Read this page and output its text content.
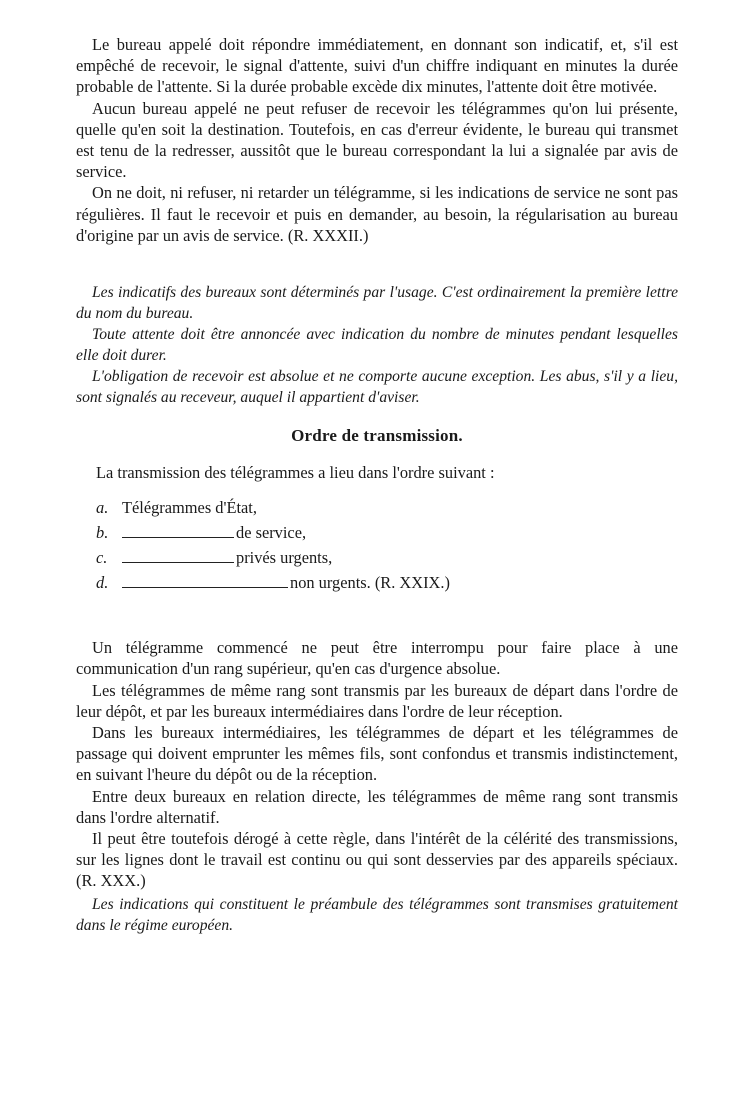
Le bureau appelé doit répondre immédiatement, en donnant son indicatif, et, s'il est empêché de recevoir, le signal d'attente, suivi d'un chiffre indiquant en minutes la durée probable de l'attente. Si la durée probable excède dix minutes, l'attente doit être motivée.

Aucun bureau appelé ne peut refuser de recevoir les télégrammes qu'on lui présente, quelle qu'en soit la destination. Toutefois, en cas d'erreur évidente, le bureau qui transmet est tenu de la redresser, aussitôt que le bureau correspondant la lui a signalée par avis de service.

On ne doit, ni refuser, ni retarder un télégramme, si les indications de service ne sont pas régulières. Il faut le recevoir et puis en demander, au besoin, la régularisation au bureau d'origine par un avis de service. (R. XXXII.)

Les indicatifs des bureaux sont déterminés par l'usage. C'est ordinairement la première lettre du nom du bureau.

Toute attente doit être annoncée avec indication du nombre de minutes pendant lesquelles elle doit durer.

L'obligation de recevoir est absolue et ne comporte aucune exception. Les abus, s'il y a lieu, sont signalés au receveur, auquel il appartient d'aviser.

Ordre de transmission.

La transmission des télégrammes a lieu dans l'ordre suivant :

a. Télégrammes d'État,
b.	de service,
c.	privés urgents,
d.	non urgents. (R. XXIX.)

Un télégramme commencé ne peut être interrompu pour faire place à une communication d'un rang supérieur, qu'en cas d'urgence absolue.

Les télégrammes de même rang sont transmis par les bureaux de départ dans l'ordre de leur dépôt, et par les bureaux intermédiaires dans l'ordre de leur réception.

Dans les bureaux intermédiaires, les télégrammes de départ et les télégrammes de passage qui doivent emprunter les mêmes fils, sont confondus et transmis indistinctement, en suivant l'heure du dépôt ou de la réception.

Entre deux bureaux en relation directe, les télégrammes de même rang sont transmis dans l'ordre alternatif.

Il peut être toutefois dérogé à cette règle, dans l'intérêt de la célérité des transmissions, sur les lignes dont le travail est continu ou qui sont desservies par des appareils spéciaux. (R. XXX.)

Les indications qui constituent le préambule des télégrammes sont transmises gratuitement dans le régime européen.
